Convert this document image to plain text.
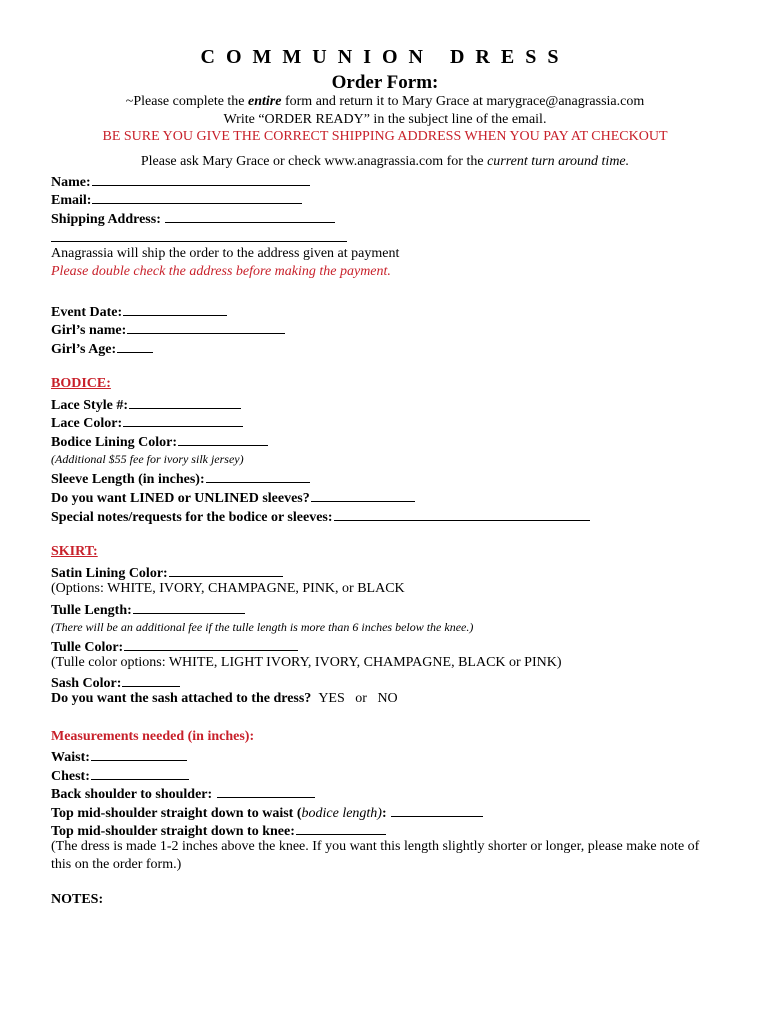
COMMUNION DRESS
Order Form:
~Please complete the entire form and return it to Mary Grace at marygrace@anagrassia.com
Write “ORDER READY” in the subject line of the email.
BE SURE YOU GIVE THE CORRECT SHIPPING ADDRESS WHEN YOU PAY AT CHECKOUT
Please ask Mary Grace or check www.anagrassia.com for the current turn around time.
Name:
Email:
Shipping Address:
Anagrassia will ship the order to the address given at payment
Please double check the address before making the payment.
Event Date:
Girl’s name:
Girl’s Age:
BODICE:
Lace Style #:
Lace Color:
Bodice Lining Color:
(Additional $55 fee for ivory silk jersey)
Sleeve Length (in inches):
Do you want LINED or UNLINED sleeves?
Special notes/requests for the bodice or sleeves:
SKIRT:
Satin Lining Color:
(Options: WHITE, IVORY, CHAMPAGNE, PINK, or BLACK
Tulle Length:
(There will be an additional fee if the tulle length is more than 6 inches below the knee.)
Tulle Color:
(Tulle color options: WHITE, LIGHT IVORY, IVORY, CHAMPAGNE, BLACK or PINK)
Sash Color:
Do you want the sash attached to the dress? YES or NO
Measurements needed (in inches):
Waist:
Chest:
Back shoulder to shoulder:
Top mid-shoulder straight down to waist (bodice length):
Top mid-shoulder straight down to knee:
(The dress is made 1-2 inches above the knee. If you want this length slightly shorter or longer, please make note of this on the order form.)
NOTES:
